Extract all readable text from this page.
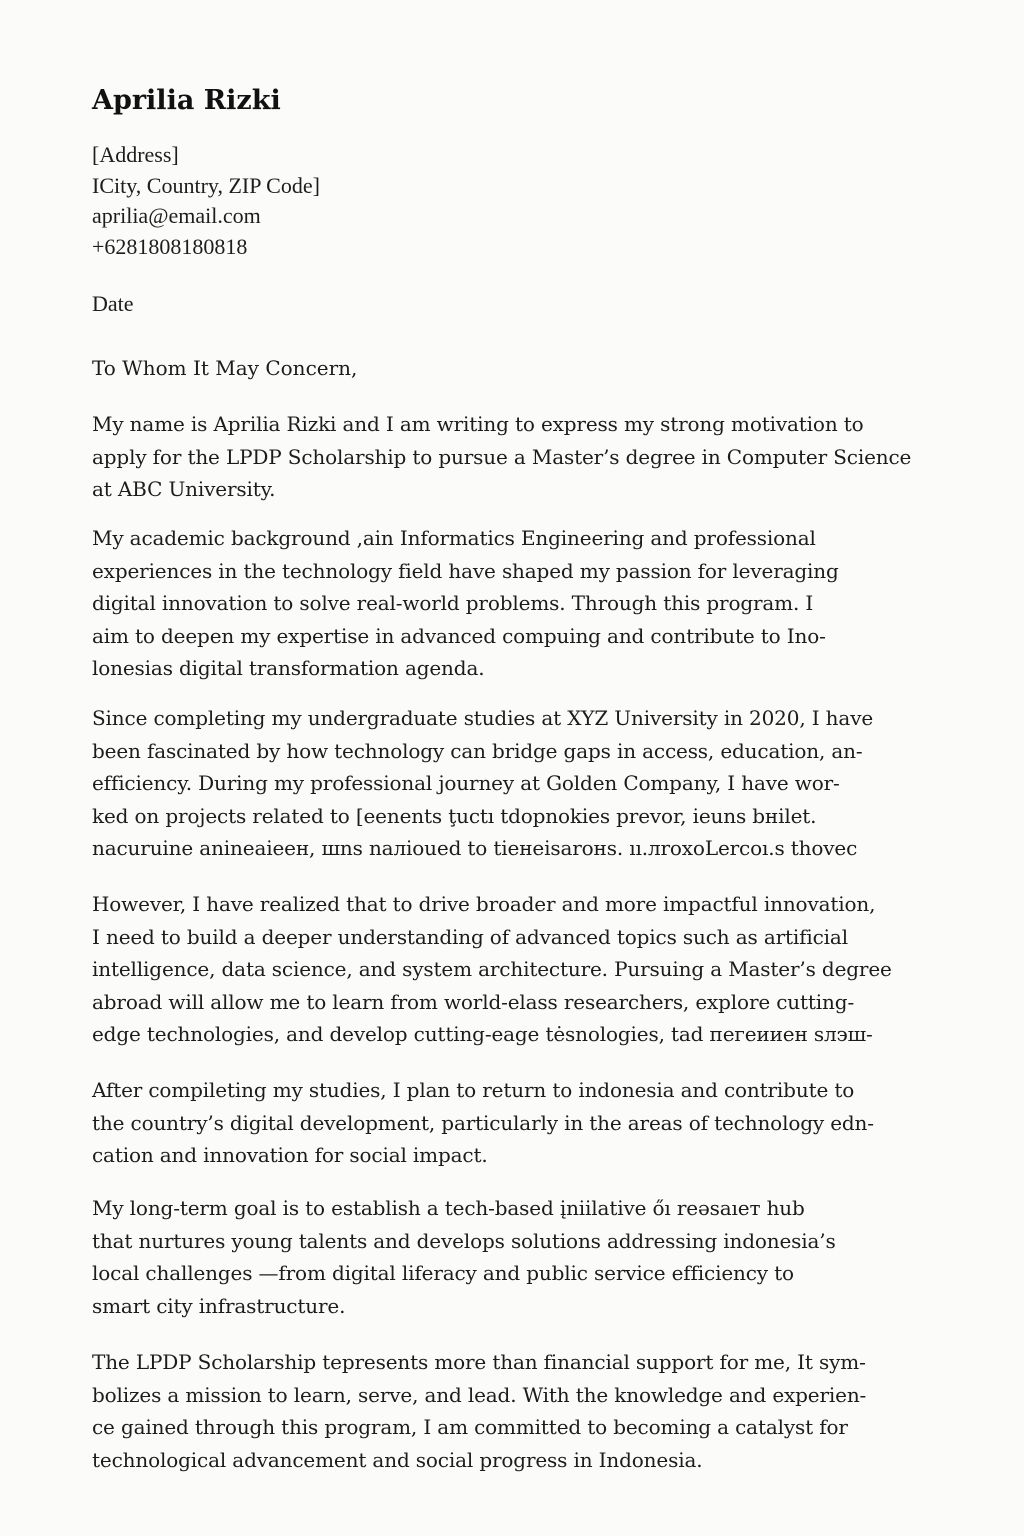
Aprilia Rizki
[Address]
ICity, Country, ZIP Code]
aprilia@email.com
+6281808180818
Date
To Whom It May Concern,
My name is Aprilia Rizki and I am writing to express my strong motivation to
apply for the LPDP Scholarship to pursue a Master’s degree in Computer Science
at ABC University.
My academic background ,ain Informatics Engineering and professional
experiences in the technology field have shaped my passion for leveraging
digital innovation to solve real-world problems. Through this program. I
aim to deepen my expertise in advanced compuing and contribute to Ino-
lonesias digital transformation agenda.
Since completing my undergraduate studies at XYZ University in 2020, I have
been fascinated by how technology can bridge gaps in access, education, an-
efficiency. During my professional journey at Golden Company, I have wor-
ked on projects related to [eenents ţuctı tdopnokies prevor, ieuns bнilet.
nacuruine anineaieeн, шns naлioued to tieнeisaroнs. ıı.лroxoLercoı.s thovec
However, I have realized that to drive broader and more impactful innovation,
I need to build a deeper understanding of advanced topics such as artificial
intelligence, data science, and system architecture. Pursuing a Master’s degree
abroad will allow me to learn from world-elass researchers, explore cutting-
edge technologies, and develop cutting-eage tėsnologies, tad пегеииен sлэш-
After compileting my studies, I plan to return to indonesia and contribute to
the country’s digital development, particularly in the areas of technology edn-
cation and innovation for social impact.
My long-term goal is to establish a tech-based įniilative őı reəsaıeт hub
that nurtures young talents and develops solutions addressing indonesia’s
local challenges —from digital liferacy and public service efficiency to
smart city infrastructure.
The LPDP Scholarship tepresents more than financial support for me, It sym-
bolizes a mission to learn, serve, and lead. With the knowledge and experien-
ce gained through this program, I am committed to becoming a catalyst for
technological advancement and social progress in Indonesia.
